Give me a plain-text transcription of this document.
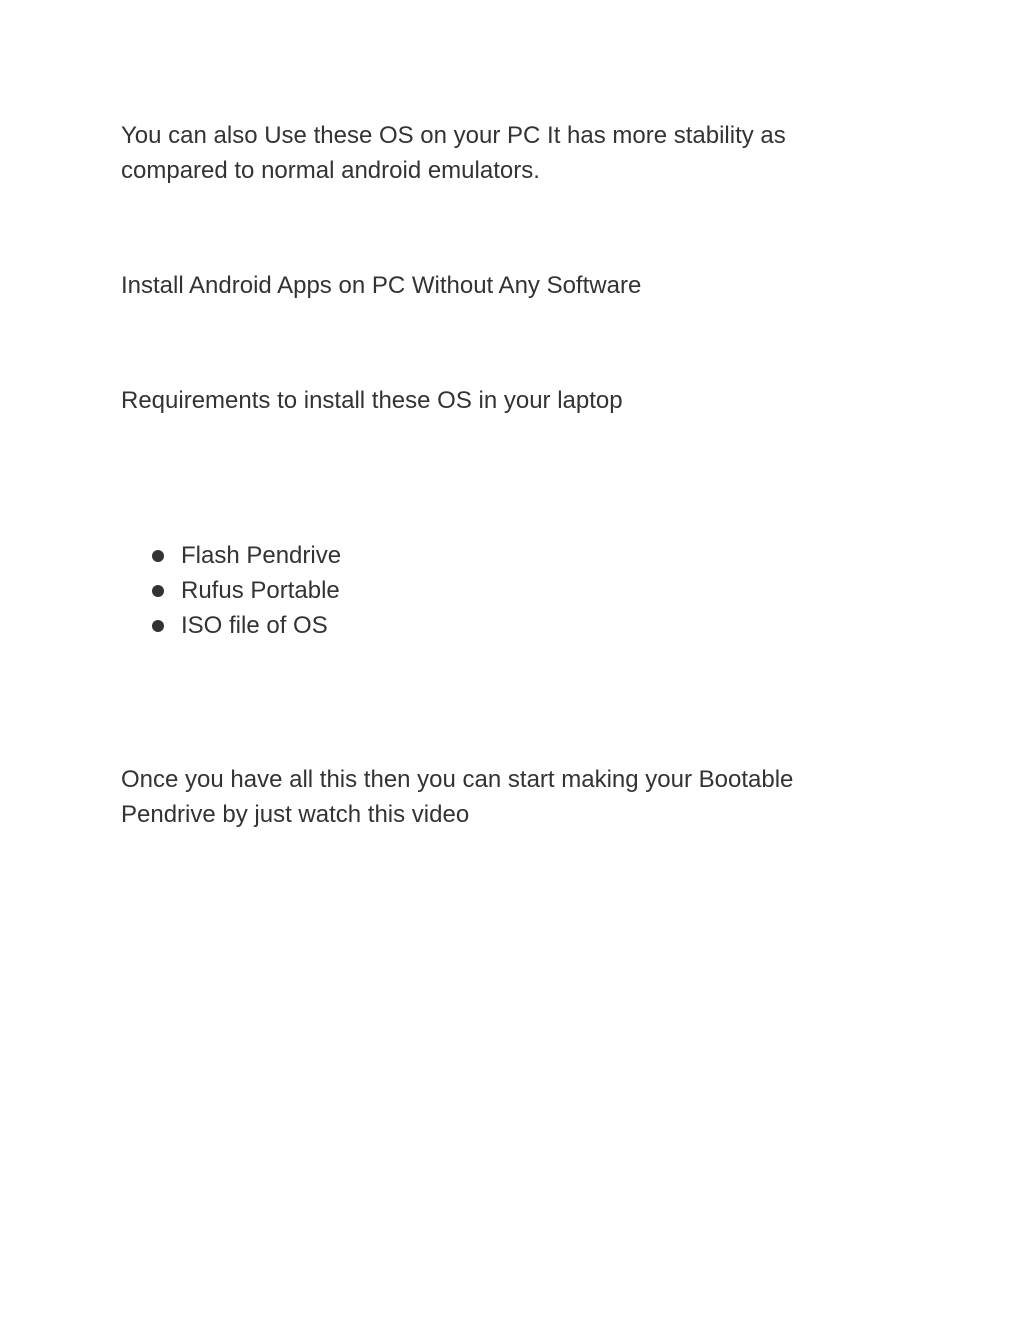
You can also Use these OS on your PC It has more stability as compared to normal android emulators.

Install Android Apps on PC Without Any Software

Requirements to install these OS in your laptop

Flash Pendrive
Rufus Portable
ISO file of OS

Once you have all this then you can start making your Bootable Pendrive by just watch this video
